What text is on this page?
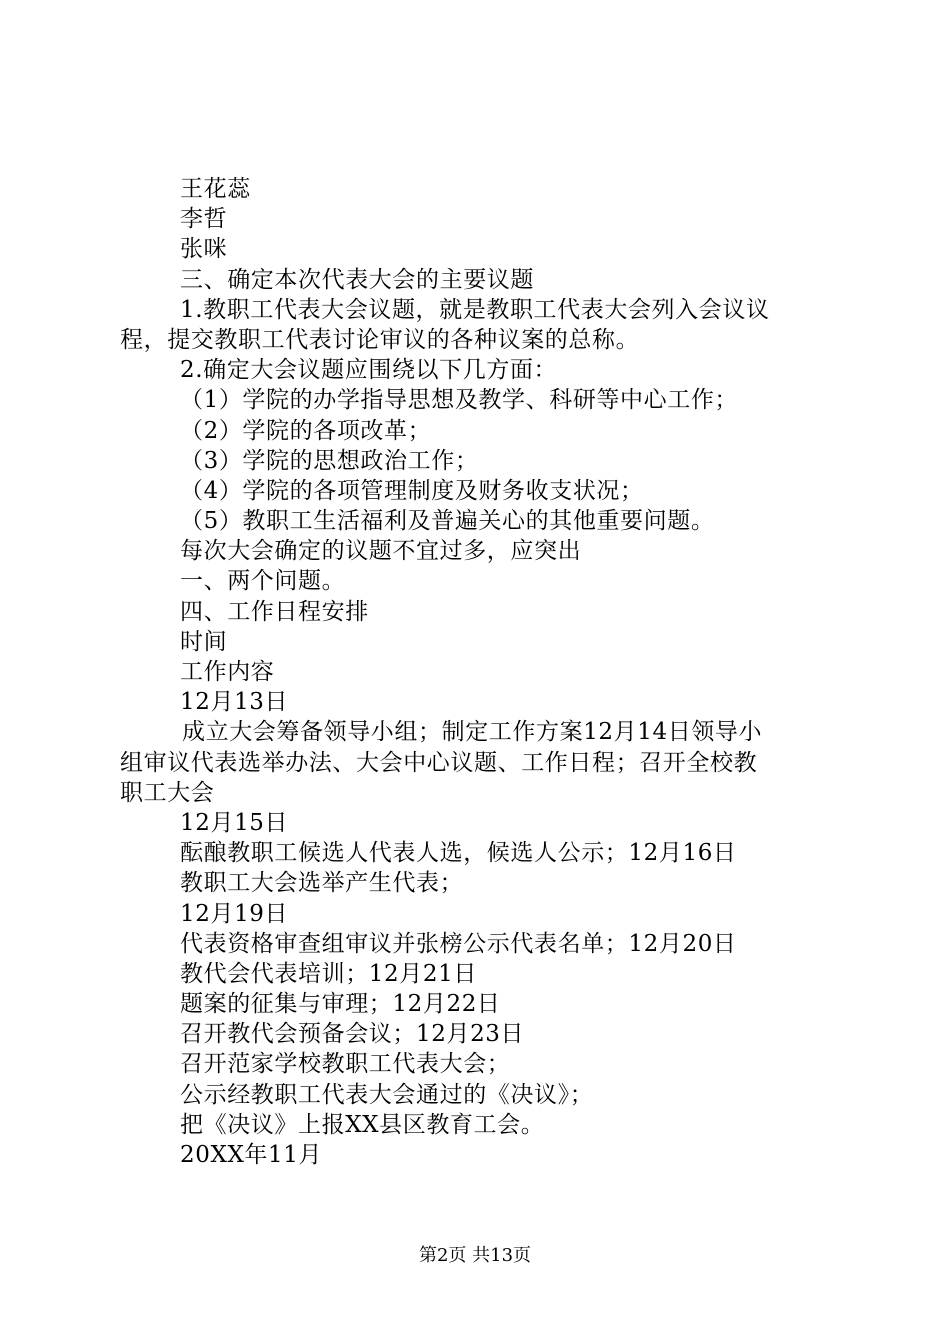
王花蕊
李哲
张咪
三、确定本次代表大会的主要议题
1.教职工代表大会议题，就是教职工代表大会列入会议议
程，提交教职工代表讨论审议的各种议案的总称。
2.确定大会议题应围绕以下几方面：
（1）学院的办学指导思想及教学、科研等中心工作；
（2）学院的各项改革；
（3）学院的思想政治工作；
（4）学院的各项管理制度及财务收支状况；
（5）教职工生活福利及普遍关心的其他重要问题。
每次大会确定的议题不宜过多，应突出
一、两个问题。
四、工作日程安排
时间
工作内容
12月13日
成立大会筹备领导小组；制定工作方案12月14日领导小
组审议代表选举办法、大会中心议题、工作日程；召开全校教
职工大会
12月15日
酝酿教职工候选人代表人选，候选人公示；12月16日
教职工大会选举产生代表；
12月19日
代表资格审查组审议并张榜公示代表名单；12月20日
教代会代表培训；12月21日
题案的征集与审理；12月22日
召开教代会预备会议；12月23日
召开范家学校教职工代表大会；
公示经教职工代表大会通过的《决议》；
把《决议》上报XX县区教育工会。
20XX年11月
第2页 共13页
